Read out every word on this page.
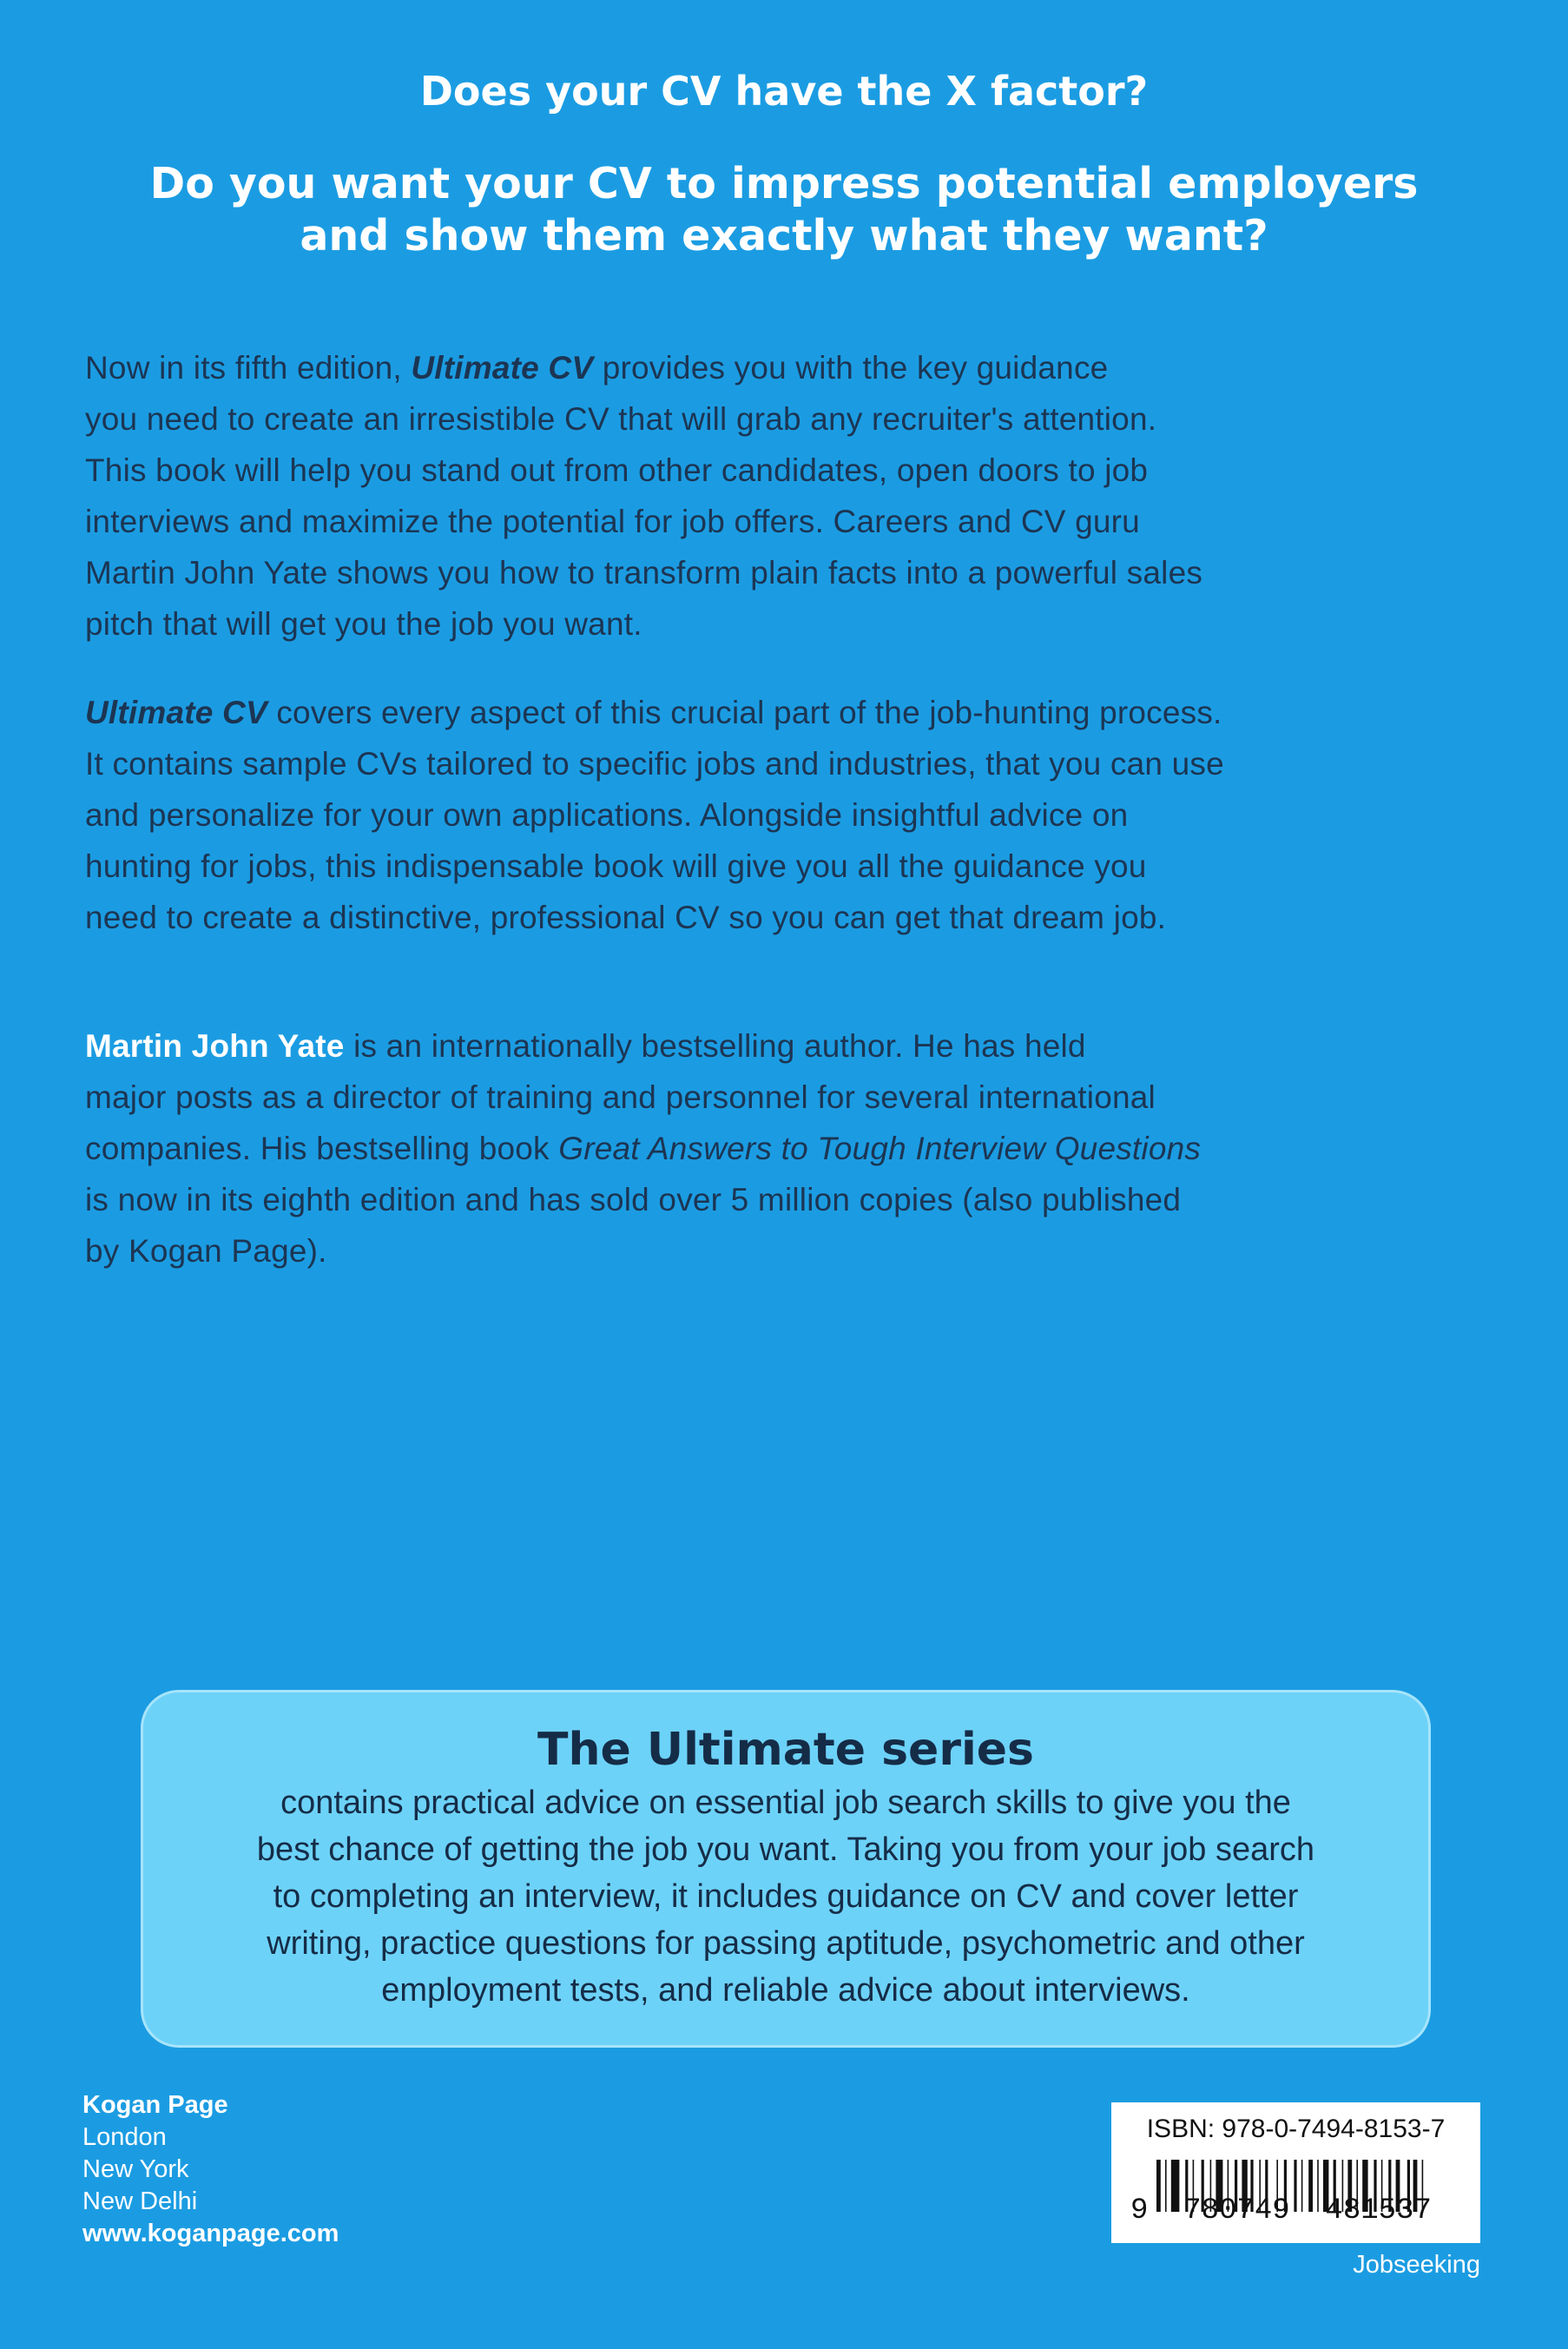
Does your CV have the X factor?
Do you want your CV to impress potential employers
and show them exactly what they want?
Now in its fifth edition, Ultimate CV provides you with the key guidance
you need to create an irresistible CV that will grab any recruiter's attention.
This book will help you stand out from other candidates, open doors to job
interviews and maximize the potential for job offers. Careers and CV guru
Martin John Yate shows you how to transform plain facts into a powerful sales
pitch that will get you the job you want.
Ultimate CV covers every aspect of this crucial part of the job-hunting process.
It contains sample CVs tailored to specific jobs and industries, that you can use
and personalize for your own applications. Alongside insightful advice on
hunting for jobs, this indispensable book will give you all the guidance you
need to create a distinctive, professional CV so you can get that dream job.
Martin John Yate is an internationally bestselling author. He has held
major posts as a director of training and personnel for several international
companies. His bestselling book Great Answers to Tough Interview Questions
is now in its eighth edition and has sold over 5 million copies (also published
by Kogan Page).
The Ultimate series
contains practical advice on essential job search skills to give you the
best chance of getting the job you want. Taking you from your job search
to completing an interview, it includes guidance on CV and cover letter
writing, practice questions for passing aptitude, psychometric and other
employment tests, and reliable advice about interviews.
Kogan Page
London
New York
New Delhi
www.koganpage.com
ISBN: 978-0-7494-8153-7
9  780749  481537
Jobseeking
